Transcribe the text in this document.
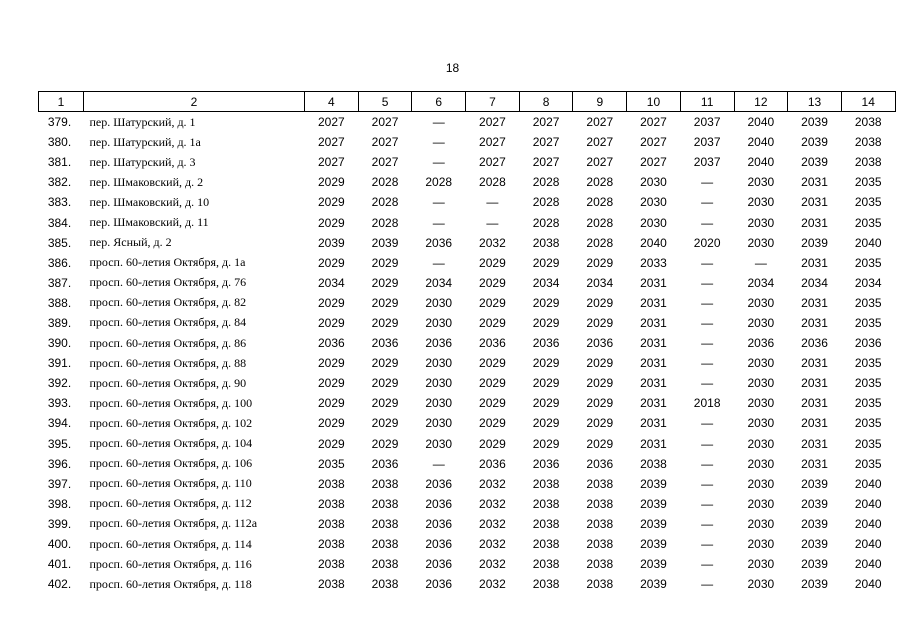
18
1	2	4	5	6	7	8	9	10	11	12	13	14
379.	пер. Шатурский, д. 1	2027	2027	—	2027	2027	2027	2027	2037	2040	2039	2038
380.	пер. Шатурский, д. 1а	2027	2027	—	2027	2027	2027	2027	2037	2040	2039	2038
381.	пер. Шатурский, д. 3	2027	2027	—	2027	2027	2027	2027	2037	2040	2039	2038
382.	пер. Шмаковский, д. 2	2029	2028	2028	2028	2028	2028	2030	—	2030	2031	2035
383.	пер. Шмаковский, д. 10	2029	2028	—	—	2028	2028	2030	—	2030	2031	2035
384.	пер. Шмаковский, д. 11	2029	2028	—	—	2028	2028	2030	—	2030	2031	2035
385.	пер. Ясный, д. 2	2039	2039	2036	2032	2038	2028	2040	2020	2030	2039	2040
386.	просп. 60-летия Октября, д. 1а	2029	2029	—	2029	2029	2029	2033	—	—	2031	2035
387.	просп. 60-летия Октября, д. 76	2034	2029	2034	2029	2034	2034	2031	—	2034	2034	2034
388.	просп. 60-летия Октября, д. 82	2029	2029	2030	2029	2029	2029	2031	—	2030	2031	2035
389.	просп. 60-летия Октября, д. 84	2029	2029	2030	2029	2029	2029	2031	—	2030	2031	2035
390.	просп. 60-летия Октября, д. 86	2036	2036	2036	2036	2036	2036	2031	—	2036	2036	2036
391.	просп. 60-летия Октября, д. 88	2029	2029	2030	2029	2029	2029	2031	—	2030	2031	2035
392.	просп. 60-летия Октября, д. 90	2029	2029	2030	2029	2029	2029	2031	—	2030	2031	2035
393.	просп. 60-летия Октября, д. 100	2029	2029	2030	2029	2029	2029	2031	2018	2030	2031	2035
394.	просп. 60-летия Октября, д. 102	2029	2029	2030	2029	2029	2029	2031	—	2030	2031	2035
395.	просп. 60-летия Октября, д. 104	2029	2029	2030	2029	2029	2029	2031	—	2030	2031	2035
396.	просп. 60-летия Октября, д. 106	2035	2036	—	2036	2036	2036	2038	—	2030	2031	2035
397.	просп. 60-летия Октября, д. 110	2038	2038	2036	2032	2038	2038	2039	—	2030	2039	2040
398.	просп. 60-летия Октября, д. 112	2038	2038	2036	2032	2038	2038	2039	—	2030	2039	2040
399.	просп. 60-летия Октября, д. 112а	2038	2038	2036	2032	2038	2038	2039	—	2030	2039	2040
400.	просп. 60-летия Октября, д. 114	2038	2038	2036	2032	2038	2038	2039	—	2030	2039	2040
401.	просп. 60-летия Октября, д. 116	2038	2038	2036	2032	2038	2038	2039	—	2030	2039	2040
402.	просп. 60-летия Октября, д. 118	2038	2038	2036	2032	2038	2038	2039	—	2030	2039	2040
